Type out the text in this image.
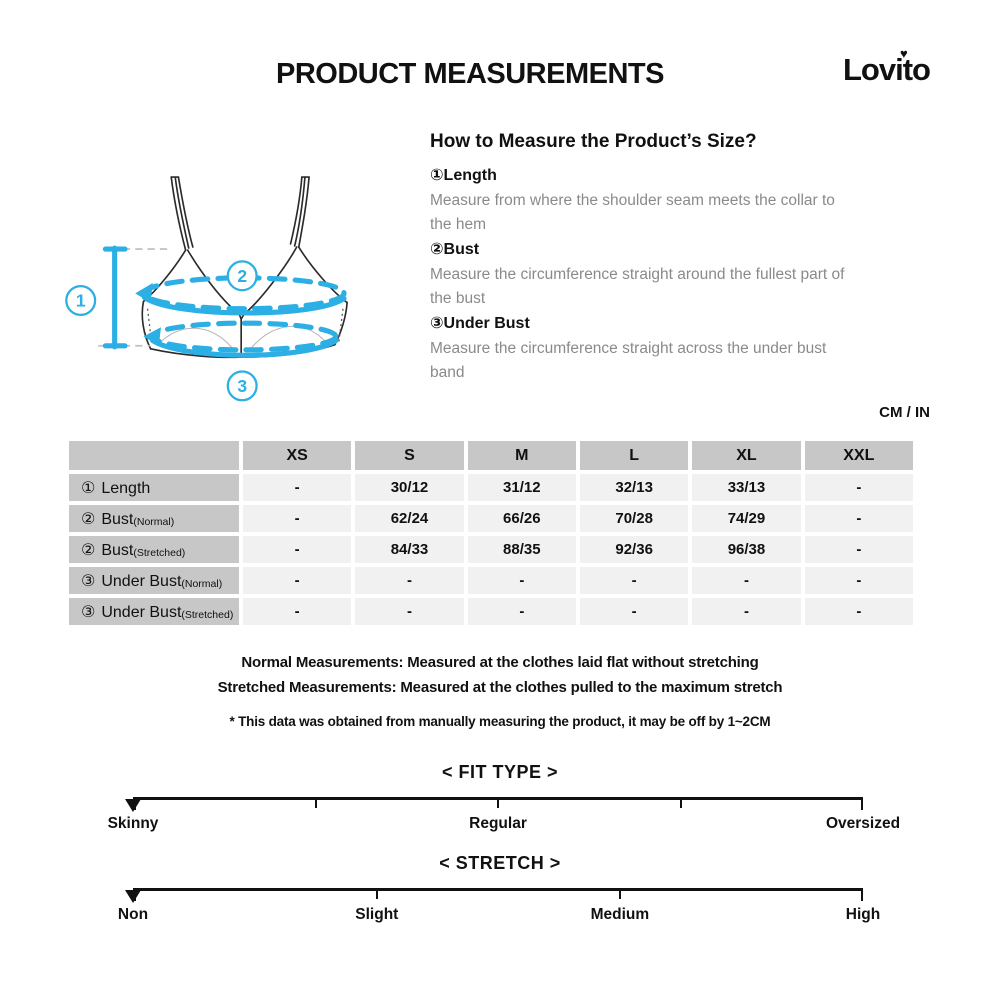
PRODUCT MEASUREMENTS	Lovito
♥
1
2
3
How to Measure the Product’s Size?
①Length
Measure from where the shoulder seam meets the collar to
the hem
②Bust
Measure the circumference straight around the fullest part of
the bust
③Under Bust
Measure the circumference straight across the under bust
band
CM / IN
	XS	S	M	L	XL	XXL
① Length	-	30/12	31/12	32/13	33/13	-
② Bust(Normal)	-	62/24	66/26	70/28	74/29	-
② Bust(Stretched)	-	84/33	88/35	92/36	96/38	-
③ Under Bust(Normal)	-	-	-	-	-	-
③ Under Bust(Stretched)	-	-	-	-	-	-
Normal Measurements: Measured at the clothes laid flat without stretching
Stretched Measurements: Measured at the clothes pulled to the maximum stretch
* This data was obtained from manually measuring the product, it may be off by 1~2CM
< FIT TYPE >
Skinny	Regular	Oversized
< STRETCH >
Non	Slight	Medium	High
